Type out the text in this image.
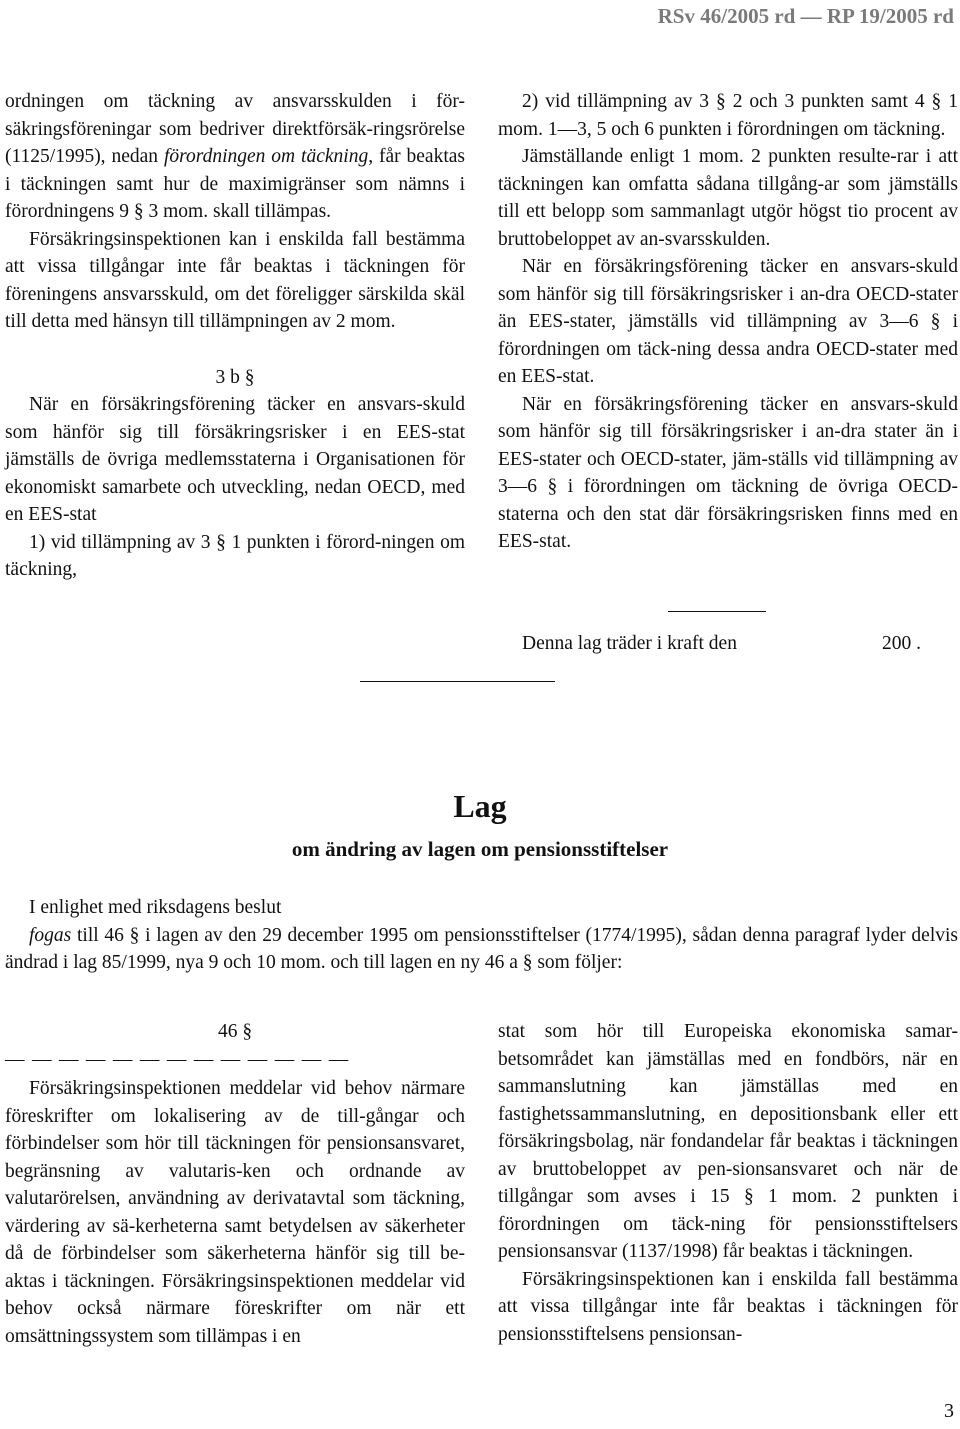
RSv 46/2005 rd — RP 19/2005 rd

ordningen om täckning av ansvarsskulden i för-säkringsföreningar som bedriver direktförsäk-ringsrörelse (1125/1995), nedan förordningen om täckning, får beaktas i täckningen samt hur de maximigränser som nämns i förordningens 9 § 3 mom. skall tillämpas.

Försäkringsinspektionen kan i enskilda fall bestämma att vissa tillgångar inte får beaktas i täckningen för föreningens ansvarsskuld, om det föreligger särskilda skäl till detta med hänsyn till tillämpningen av 2 mom.

3 b §

När en försäkringsförening täcker en ansvars-skuld som hänför sig till försäkringsrisker i en EES-stat jämställs de övriga medlemsstaterna i Organisationen för ekonomiskt samarbete och utveckling, nedan OECD, med en EES-stat

1) vid tillämpning av 3 § 1 punkten i förord-ningen om täckning,

2) vid tillämpning av 3 § 2 och 3 punkten samt 4 § 1 mom. 1—3, 5 och 6 punkten i förordningen om täckning.

Jämställande enligt 1 mom. 2 punkten resulte-rar i att täckningen kan omfatta sådana tillgång-ar som jämställs till ett belopp som sammanlagt utgör högst tio procent av bruttobeloppet av an-svarsskulden.

När en försäkringsförening täcker en ansvars-skuld som hänför sig till försäkringsrisker i an-dra OECD-stater än EES-stater, jämställs vid tillämpning av 3—6 § i förordningen om täck-ning dessa andra OECD-stater med en EES-stat.

När en försäkringsförening täcker en ansvars-skuld som hänför sig till försäkringsrisker i an-dra stater än i EES-stater och OECD-stater, jäm-ställs vid tillämpning av 3—6 § i förordningen om täckning de övriga OECD-staterna och den stat där försäkringsrisken finns med en EES-stat.

Denna lag träder i kraft den	200 .
Lag
om ändring av lagen om pensionsstiftelser

I enlighet med riksdagens beslut

fogas till 46 § i lagen av den 29 december 1995 om pensionsstiftelser (1774/1995), sådan denna paragraf lyder delvis ändrad i lag 85/1999, nya 9 och 10 mom. och till lagen en ny 46 a § som följer:

46 §

— — — — — — — — — — — — —

Försäkringsinspektionen meddelar vid behov närmare föreskrifter om lokalisering av de till-gångar och förbindelser som hör till täckningen för pensionsansvaret, begränsning av valutaris-ken och ordnande av valutarörelsen, användning av derivatavtal som täckning, värdering av sä-kerheterna samt betydelsen av säkerheter då de förbindelser som säkerheterna hänför sig till be-aktas i täckningen. Försäkringsinspektionen meddelar vid behov också närmare föreskrifter om när ett omsättningssystem som tillämpas i en

stat som hör till Europeiska ekonomiska samar-betsområdet kan jämställas med en fondbörs, när en sammanslutning kan jämställas med en fastighetssammanslutning, en depositionsbank eller ett försäkringsbolag, när fondandelar får beaktas i täckningen av bruttobeloppet av pen-sionsansvaret och när de tillgångar som avses i 15 § 1 mom. 2 punkten i förordningen om täck-ning för pensionsstiftelsers pensionsansvar (1137/1998) får beaktas i täckningen.

Försäkringsinspektionen kan i enskilda fall bestämma att vissa tillgångar inte får beaktas i täckningen för pensionsstiftelsens pensionsan-

3
